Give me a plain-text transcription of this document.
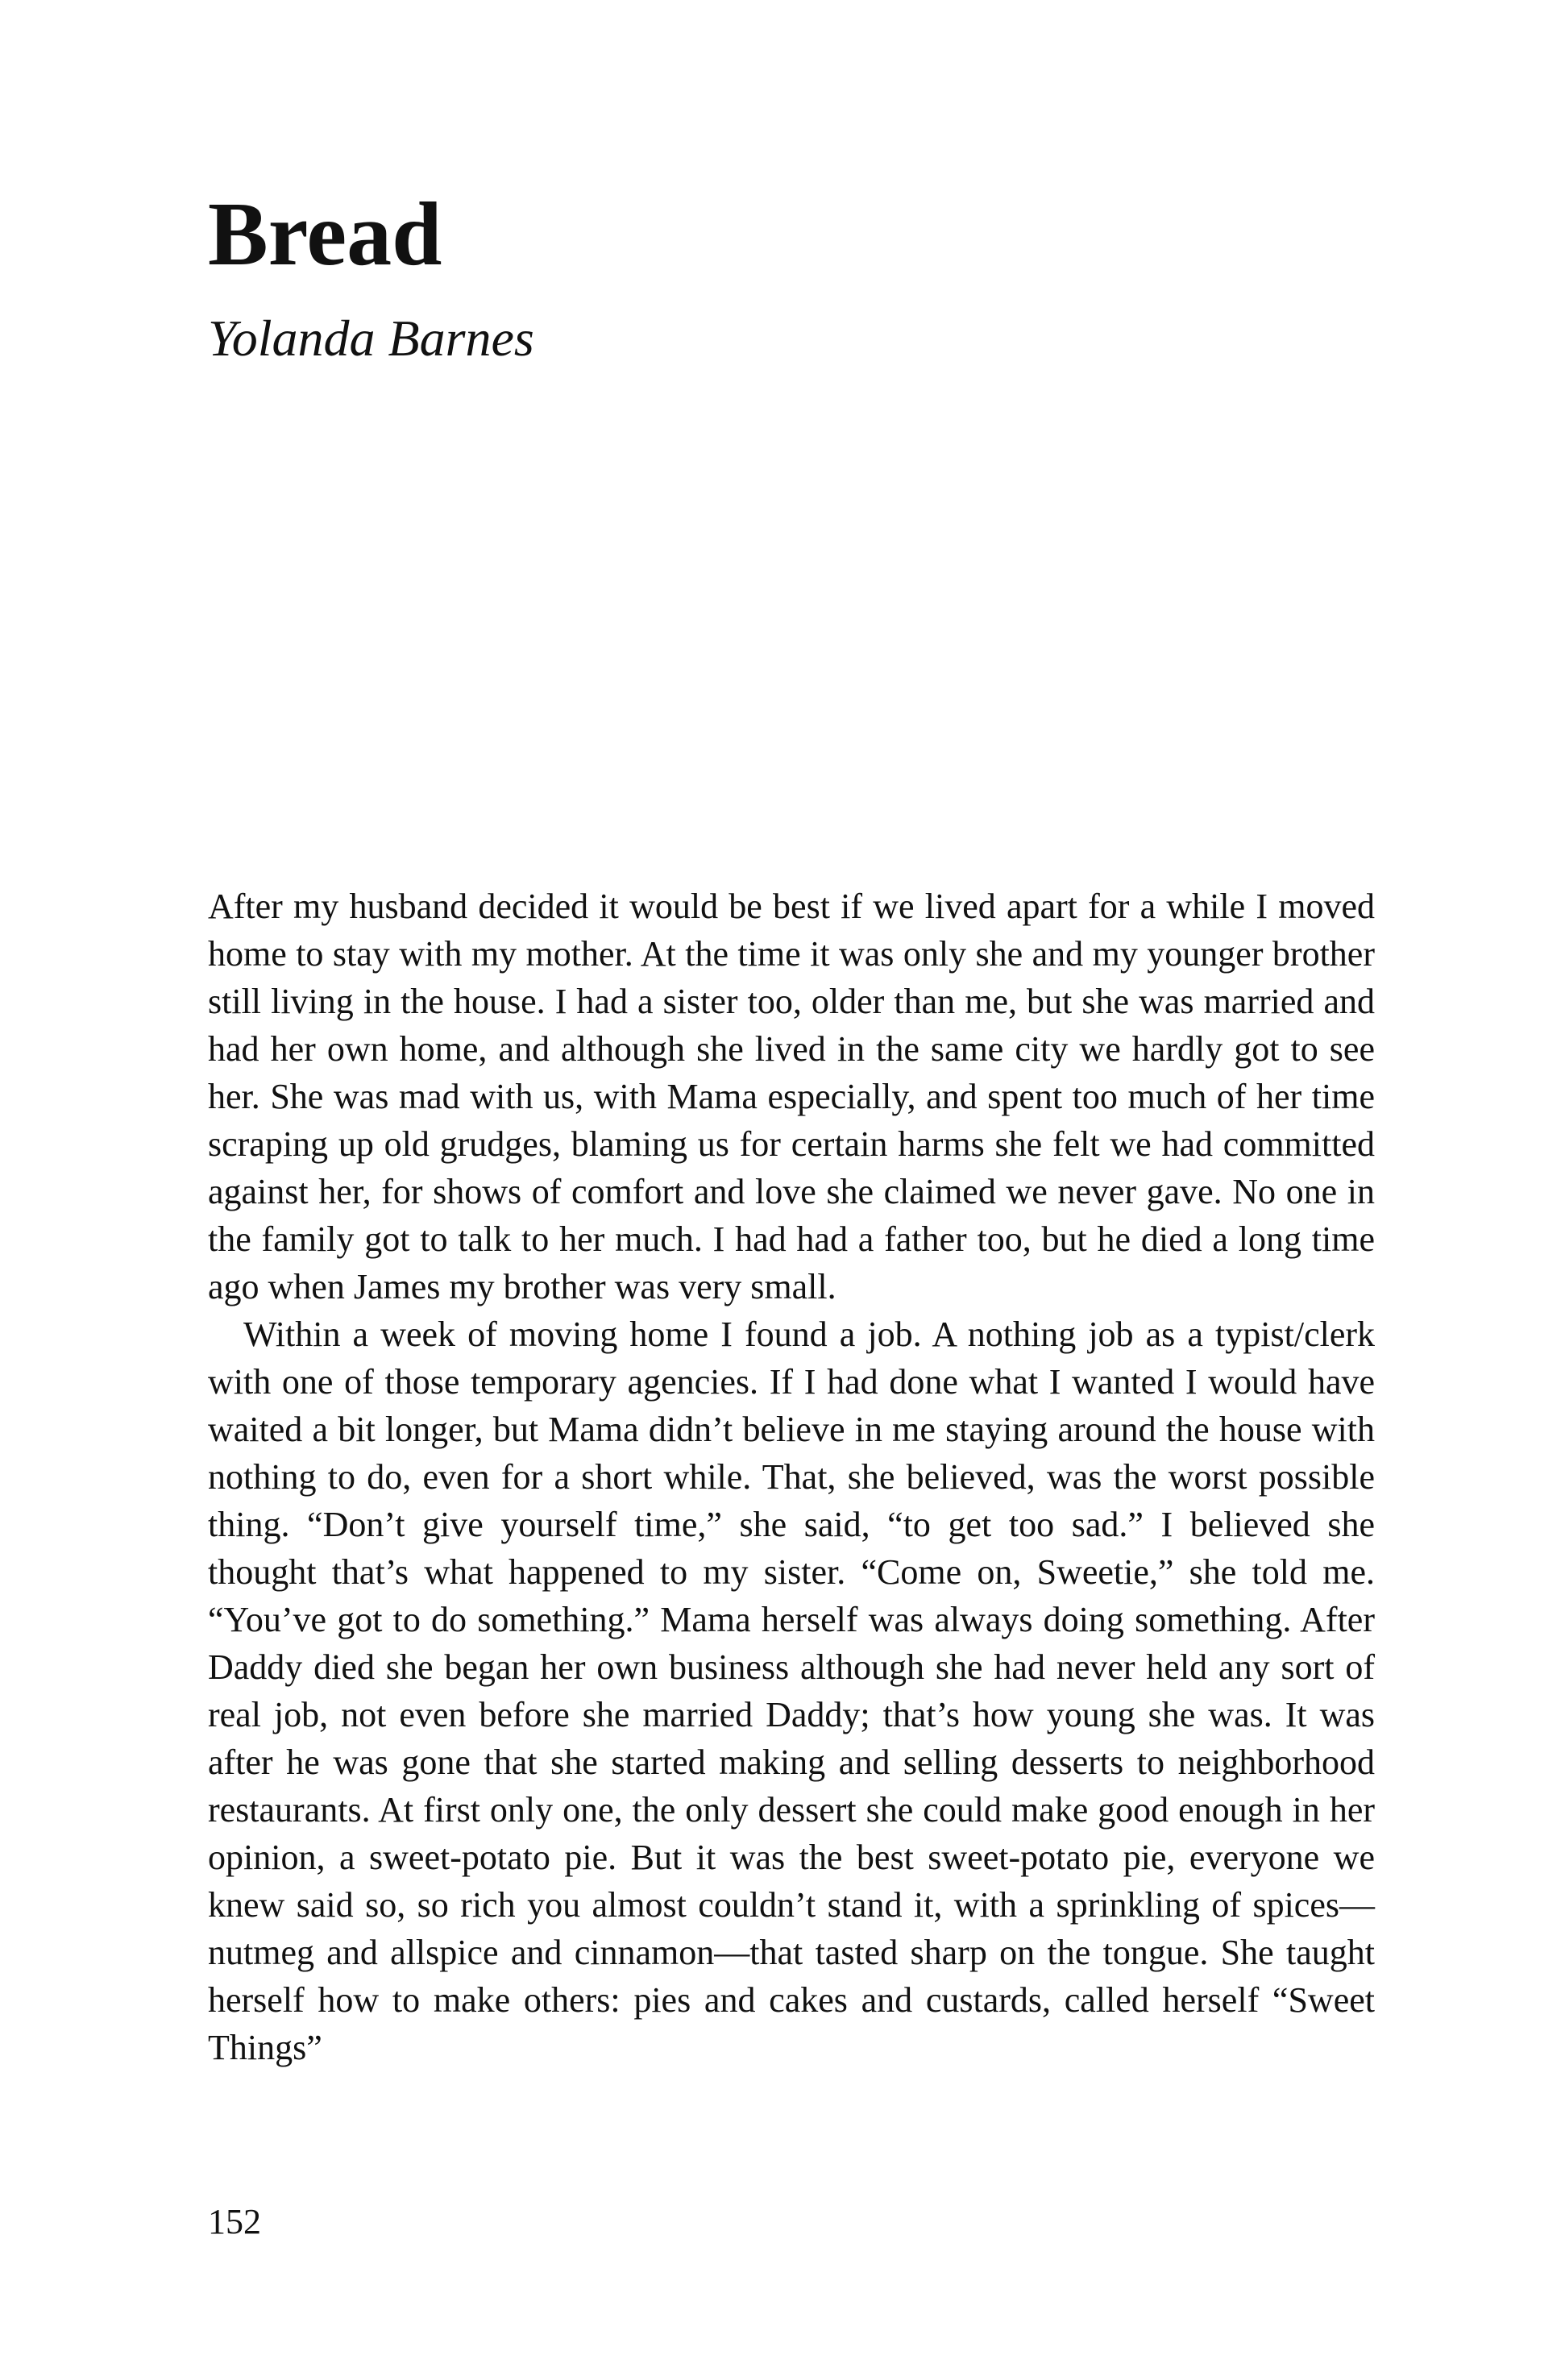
Bread
Yolanda Barnes

After my husband decided it would be best if we lived apart for a while I moved home to stay with my mother. At the time it was only she and my younger brother still living in the house. I had a sister too, older than me, but she was married and had her own home, and although she lived in the same city we hardly got to see her. She was mad with us, with Mama especially, and spent too much of her time scraping up old grudges, blaming us for certain harms she felt we had committed against her, for shows of comfort and love she claimed we never gave. No one in the family got to talk to her much. I had had a father too, but he died a long time ago when James my brother was very small.

Within a week of moving home I found a job. A nothing job as a typist/clerk with one of those temporary agencies. If I had done what I wanted I would have waited a bit longer, but Mama didn’t believe in me staying around the house with nothing to do, even for a short while. That, she believed, was the worst possible thing. “Don’t give yourself time,” she said, “to get too sad.” I believed she thought that’s what happened to my sister. “Come on, Sweetie,” she told me. “You’ve got to do something.” Mama herself was always doing something. After Daddy died she began her own business although she had never held any sort of real job, not even before she married Daddy; that’s how young she was. It was after he was gone that she started making and selling desserts to neighborhood restaurants. At first only one, the only dessert she could make good enough in her opinion, a sweet-potato pie. But it was the best sweet-potato pie, everyone we knew said so, so rich you almost couldn’t stand it, with a sprinkling of spices—nutmeg and allspice and cinnamon—that tasted sharp on the tongue. She taught herself how to make others: pies and cakes and custards, called herself “Sweet Things”

152
